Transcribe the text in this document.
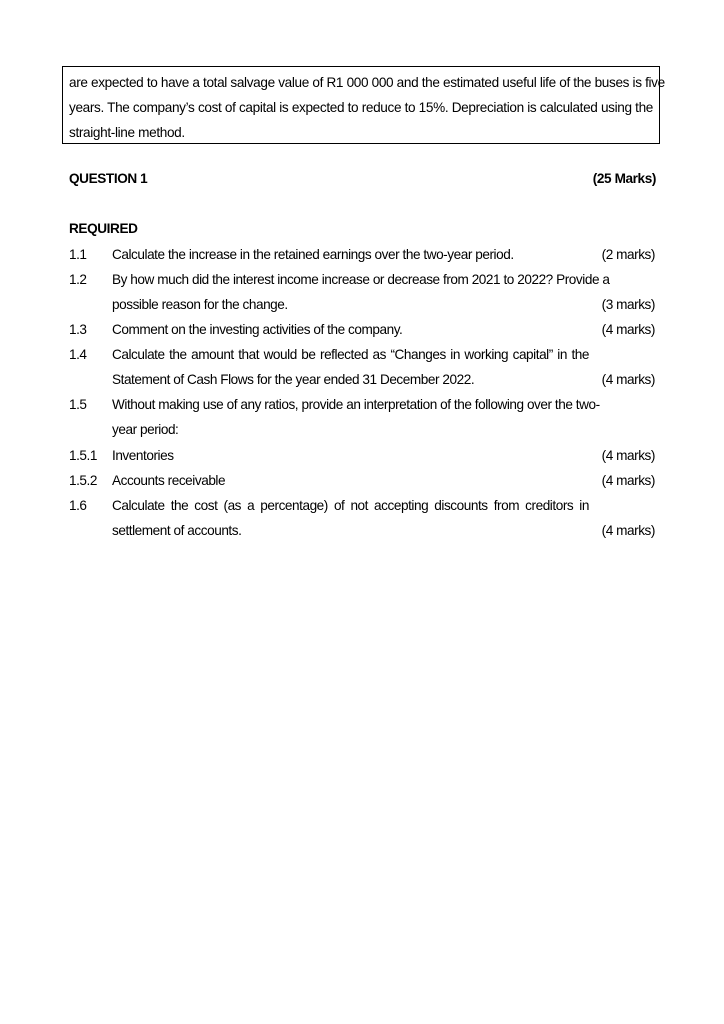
are expected to have a total salvage value of R1 000 000 and the estimated useful life of the buses is five
years. The company’s cost of capital is expected to reduce to 15%. Depreciation is calculated using the
straight-line method.
QUESTION 1	(25 Marks)
REQUIRED
1.1 Calculate the increase in the retained earnings over the two-year period.	(2 marks)
1.2 By how much did the interest income increase or decrease from 2021 to 2022? Provide a
possible reason for the change.	(3 marks)
1.3 Comment on the investing activities of the company.	(4 marks)
1.4 Calculate the amount that would be reflected as “Changes in working capital” in the
Statement of Cash Flows for the year ended 31 December 2022.	(4 marks)
1.5 Without making use of any ratios, provide an interpretation of the following over the two-
year period:
1.5.1 Inventories	(4 marks)
1.5.2 Accounts receivable	(4 marks)
1.6 Calculate the cost (as a percentage) of not accepting discounts from creditors in
settlement of accounts.	(4 marks)
